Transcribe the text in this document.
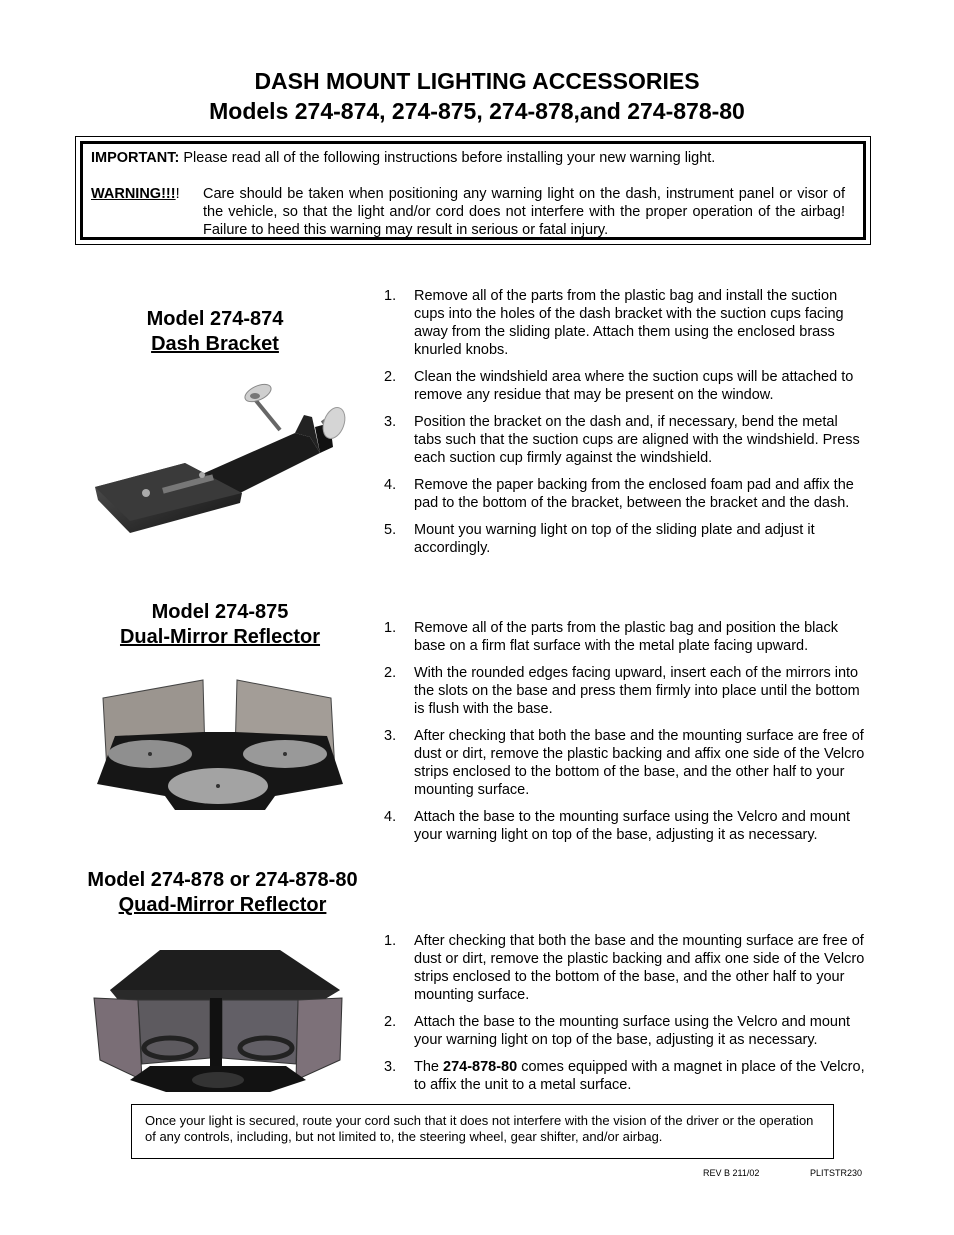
DASH MOUNT LIGHTING ACCESSORIES
Models 274-874, 274-875, 274-878,and 274-878-80
IMPORTANT: Please read all of the following instructions before installing your new warning light.
WARNING!!!! Care should be taken when positioning any warning light on the dash, instrument panel or visor of the vehicle, so that the light and/or cord does not interfere with the proper operation of the airbag! Failure to heed this warning may result in serious or fatal injury.
Model 274-874
Dash Bracket
1. Remove all of the parts from the plastic bag and install the suction cups into the holes of the dash bracket with the suction cups facing away from the sliding plate. Attach them using the enclosed brass knurled knobs.
2. Clean the windshield area where the suction cups will be attached to remove any residue that may be present on the window.
3. Position the bracket on the dash and, if necessary, bend the metal tabs such that the suction cups are aligned with the windshield. Press each suction cup firmly against the windshield.
4. Remove the paper backing from the enclosed foam pad and affix the pad to the bottom of the bracket, between the bracket and the dash.
5. Mount you warning light on top of the sliding plate and adjust it accordingly.
Model 274-875
Dual-Mirror Reflector	1. Remove all of the parts from the plastic bag and position the black base on a firm flat surface with the metal plate facing upward.
2. With the rounded edges facing upward, insert each of the mirrors into the slots on the base and press them firmly into place until the bottom is flush with the base.
3. After checking that both the base and the mounting surface are free of dust or dirt, remove the plastic backing and affix one side of the Velcro strips enclosed to the bottom of the base, and the other half to your mounting surface.
4. Attach the base to the mounting surface using the Velcro and mount your warning light on top of the base, adjusting it as necessary.
Model 274-878 or 274-878-80
Quad-Mirror Reflector
1. After checking that both the base and the mounting surface are free of dust or dirt, remove the plastic backing and affix one side of the Velcro strips enclosed to the bottom of the base, and the other half to your mounting surface.
2. Attach the base to the mounting surface using the Velcro and mount your warning light on top of the base, adjusting it as necessary.
3. The 274-878-80 comes equipped with a magnet in place of the Velcro, to affix the unit to a metal surface.
Once your light is secured, route your cord such that it does not interfere with the vision of the driver or the operation of any controls, including, but not limited to, the steering wheel, gear shifter, and/or airbag.
REV B 211/02	PLITSTR230
